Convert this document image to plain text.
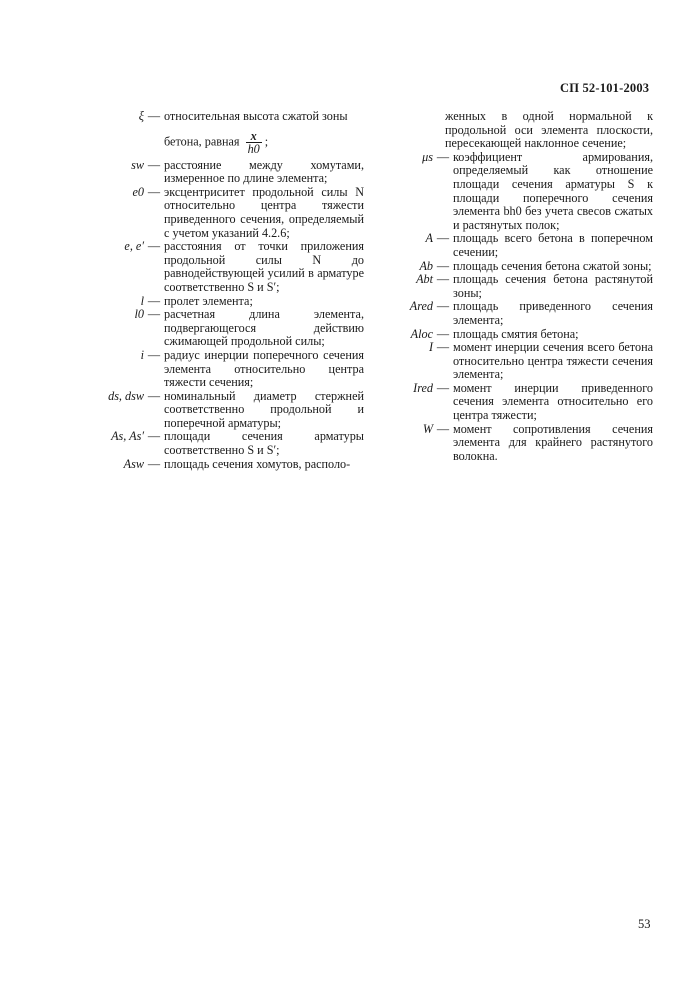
СП 52-101-2003
ξ — относительная высота сжатой зоны
бетона, равная $\frac{x}{h0}$ ;
sw — расстояние между хомутами, измеренное по длине элемента;
e0 — эксцентриситет продольной силы N относительно центра тяжести приведенного сечения, определяемый с учетом указаний 4.2.6;
e, e′ — расстояния от точки приложения продольной силы N до равнодействующей усилий в арматуре соответственно S и S′;
l — пролет элемента;
l0 — расчетная длина элемента, подвергающегося действию сжимающей продольной силы;
i — радиус инерции поперечного сечения элемента относительно центра тяжести сечения;
ds, dsw — номинальный диаметр стержней соответственно продольной и поперечной арматуры;
As, As′ — площади сечения арматуры соответственно S и S′;
Asw — площадь сечения хомутов, располо-
женных в одной нормальной к продольной оси элемента плоскости, пересекающей наклонное сечение;
μs — коэффициент армирования, определяемый как отношение площади сечения арматуры S к площади поперечного сечения элемента bh0 без учета свесов сжатых и растянутых полок;
A — площадь всего бетона в поперечном сечении;
Ab — площадь сечения бетона сжатой зоны;
Abt — площадь сечения бетона растянутой зоны;
Ared — площадь приведенного сечения элемента;
Aloc — площадь смятия бетона;
I — момент инерции сечения всего бетона относительно центра тяжести сечения элемента;
Ired — момент инерции приведенного сечения элемента относительно его центра тяжести;
W — момент сопротивления сечения элемента для крайнего растянутого волокна.
53
